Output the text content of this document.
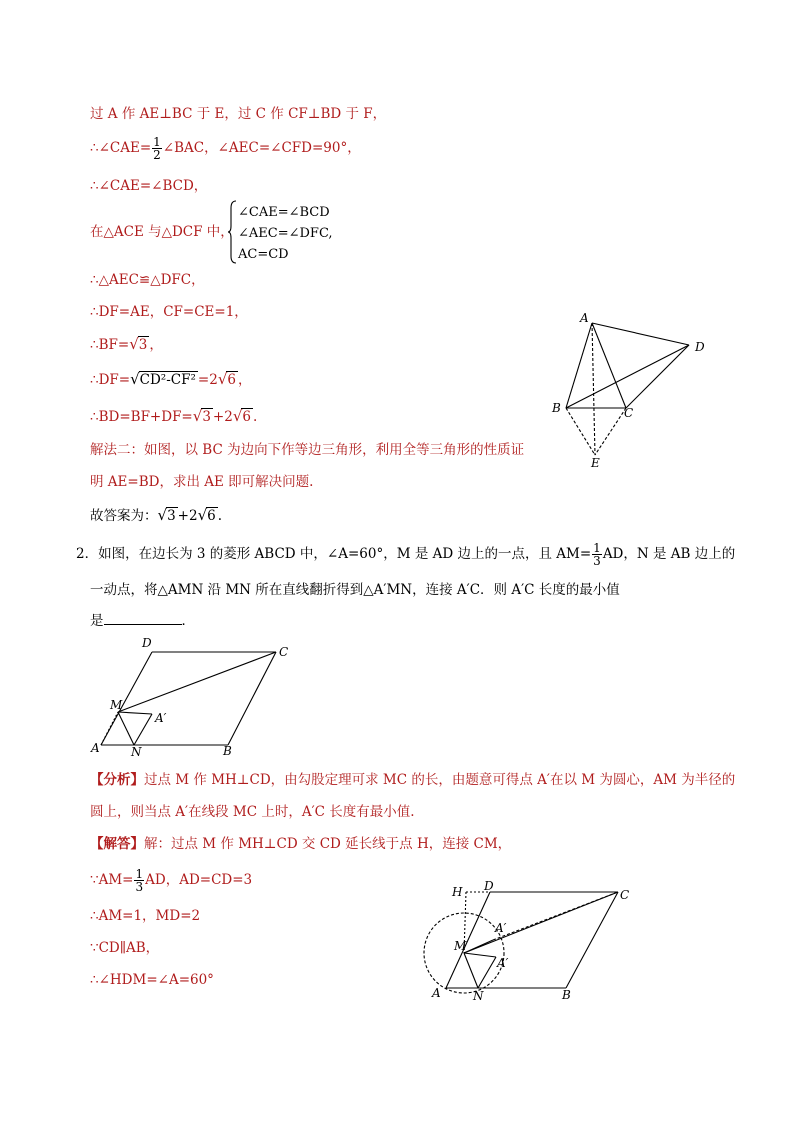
过 A 作 AE⊥BC 于 E，过 C 作 CF⊥BD 于 F，
∴∠CAE= $\frac{1}{2}$ ∠BAC，∠AEC=∠CFD=90°，
∴∠CAE=∠BCD，
在△ACE 与△DCF 中，
∠CAE=∠BCD
∠AEC=∠DFC,
AC=CD
∴△AEC≌△DFC，
∴DF=AE，CF=CE=1，
∴BF=√3 ，
∴DF=√CD²-CF² =2√6 ，
∴BD=BF+DF=√3 +2√6 .
解法二：如图，以 BC 为边向下作等边三角形，利用全等三角形的性质证
明 AE=BD，求出 AE 即可解决问题.
故答案为：√3 +2√6 .
A
D
B	C
E
2．如图，在边长为 3 的菱形 ABCD 中，∠A=60°，M 是 AD 边上的一点，且 $AM= \frac{1}{3}$ AD，N 是 AB 边上的
一动点，将△AMN 沿 MN 所在直线翻折得到△A′MN，连接 A′C．则 A′C 长度的最小值
是	．
A	B
C
D
M
N
A′
【分析】过点 M 作 MH⊥CD，由勾股定理可求 MC 的长，由题意可得点 A′在以 M 为圆心，AM 为半径的
圆上，则当点 A′在线段 MC 上时，A′C 长度有最小值.
【解答】解：过点 M 作 MH⊥CD 交 CD 延长线于点 H，连接 CM，
∵AM= $\frac{1}{3}$ AD，AD=CD=3
∴AM=1，MD=2
∵CD∥AB，
∴∠HDM=∠A=60°
H D
C
M
A′
A′
A	N	B
